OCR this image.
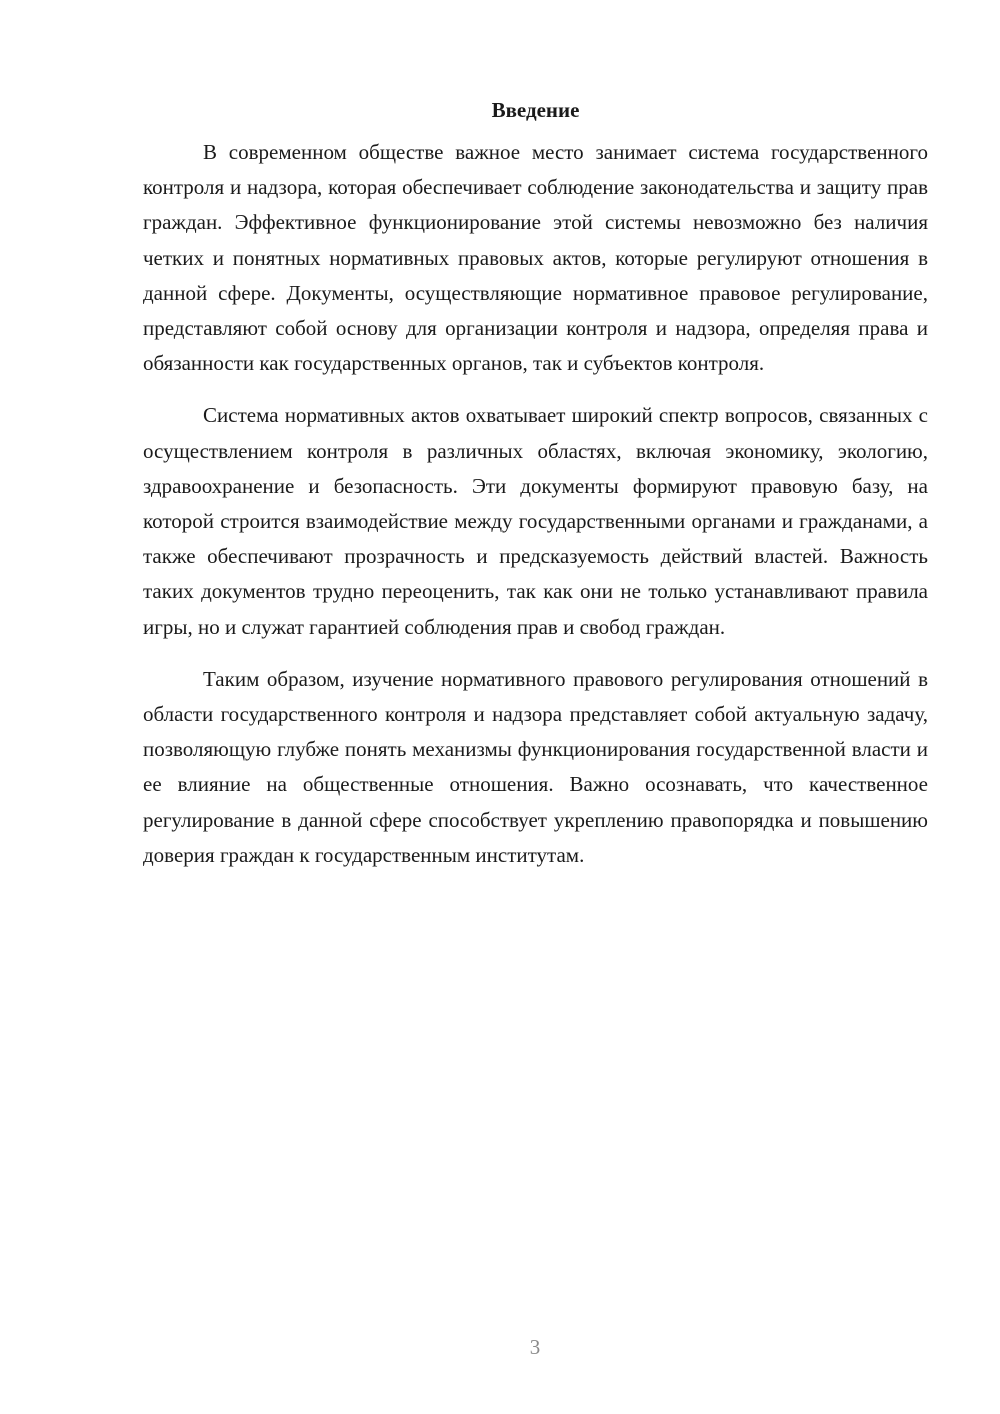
Введение

В современном обществе важное место занимает система государственного контроля и надзора, которая обеспечивает соблюдение законодательства и защиту прав граждан. Эффективное функционирование этой системы невозможно без наличия четких и понятных нормативных правовых актов, которые регулируют отношения в данной сфере. Документы, осуществляющие нормативное правовое регулирование, представляют собой основу для организации контроля и надзора, определяя права и обязанности как государственных органов, так и субъектов контроля.

Система нормативных актов охватывает широкий спектр вопросов, связанных с осуществлением контроля в различных областях, включая экономику, экологию, здравоохранение и безопасность. Эти документы формируют правовую базу, на которой строится взаимодействие между государственными органами и гражданами, а также обеспечивают прозрачность и предсказуемость действий властей. Важность таких документов трудно переоценить, так как они не только устанавливают правила игры, но и служат гарантией соблюдения прав и свобод граждан.

Таким образом, изучение нормативного правового регулирования отношений в области государственного контроля и надзора представляет собой актуальную задачу, позволяющую глубже понять механизмы функционирования государственной власти и ее влияние на общественные отношения. Важно осознавать, что качественное регулирование в данной сфере способствует укреплению правопорядка и повышению доверия граждан к государственным институтам.

3
